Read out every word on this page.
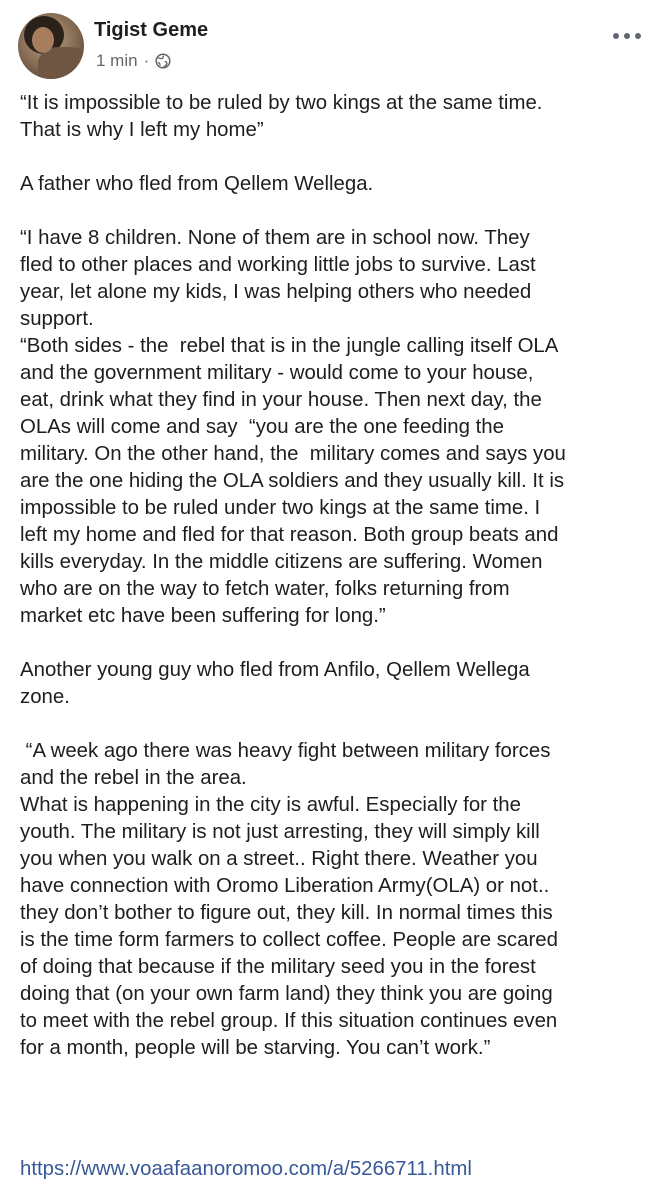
Tigist Geme
1 min ·
“It is impossible to be ruled by two kings at the same time.
That is why I left my home”
A father who fled from Qellem Wellega.
“I have 8 children. None of them are in school now. They
fled to other places and working little jobs to survive. Last
year, let alone my kids, I was helping others who needed
support.
“Both sides - the  rebel that is in the jungle calling itself OLA
and the government military - would come to your house,
eat, drink what they find in your house. Then next day, the
OLAs will come and say  “you are the one feeding the
military. On the other hand, the  military comes and says you
are the one hiding the OLA soldiers and they usually kill. It is
impossible to be ruled under two kings at the same time. I
left my home and fled for that reason. Both group beats and
kills everyday. In the middle citizens are suffering. Women
who are on the way to fetch water, folks returning from
market etc have been suffering for long.”
Another young guy who fled from Anfilo, Qellem Wellega
zone.
“A week ago there was heavy fight between military forces
and the rebel in the area.
What is happening in the city is awful. Especially for the
youth. The military is not just arresting, they will simply kill
you when you walk on a street.. Right there. Weather you
have connection with Oromo Liberation Army(OLA) or not..
they don’t bother to figure out, they kill. In normal times this
is the time form farmers to collect coffee. People are scared
of doing that because if the military seed you in the forest
doing that (on your own farm land) they think you are going
to meet with the rebel group. If this situation continues even
for a month, people will be starving. You can’t work.”
https://www.voaafaanoromoo.com/a/5266711.html
